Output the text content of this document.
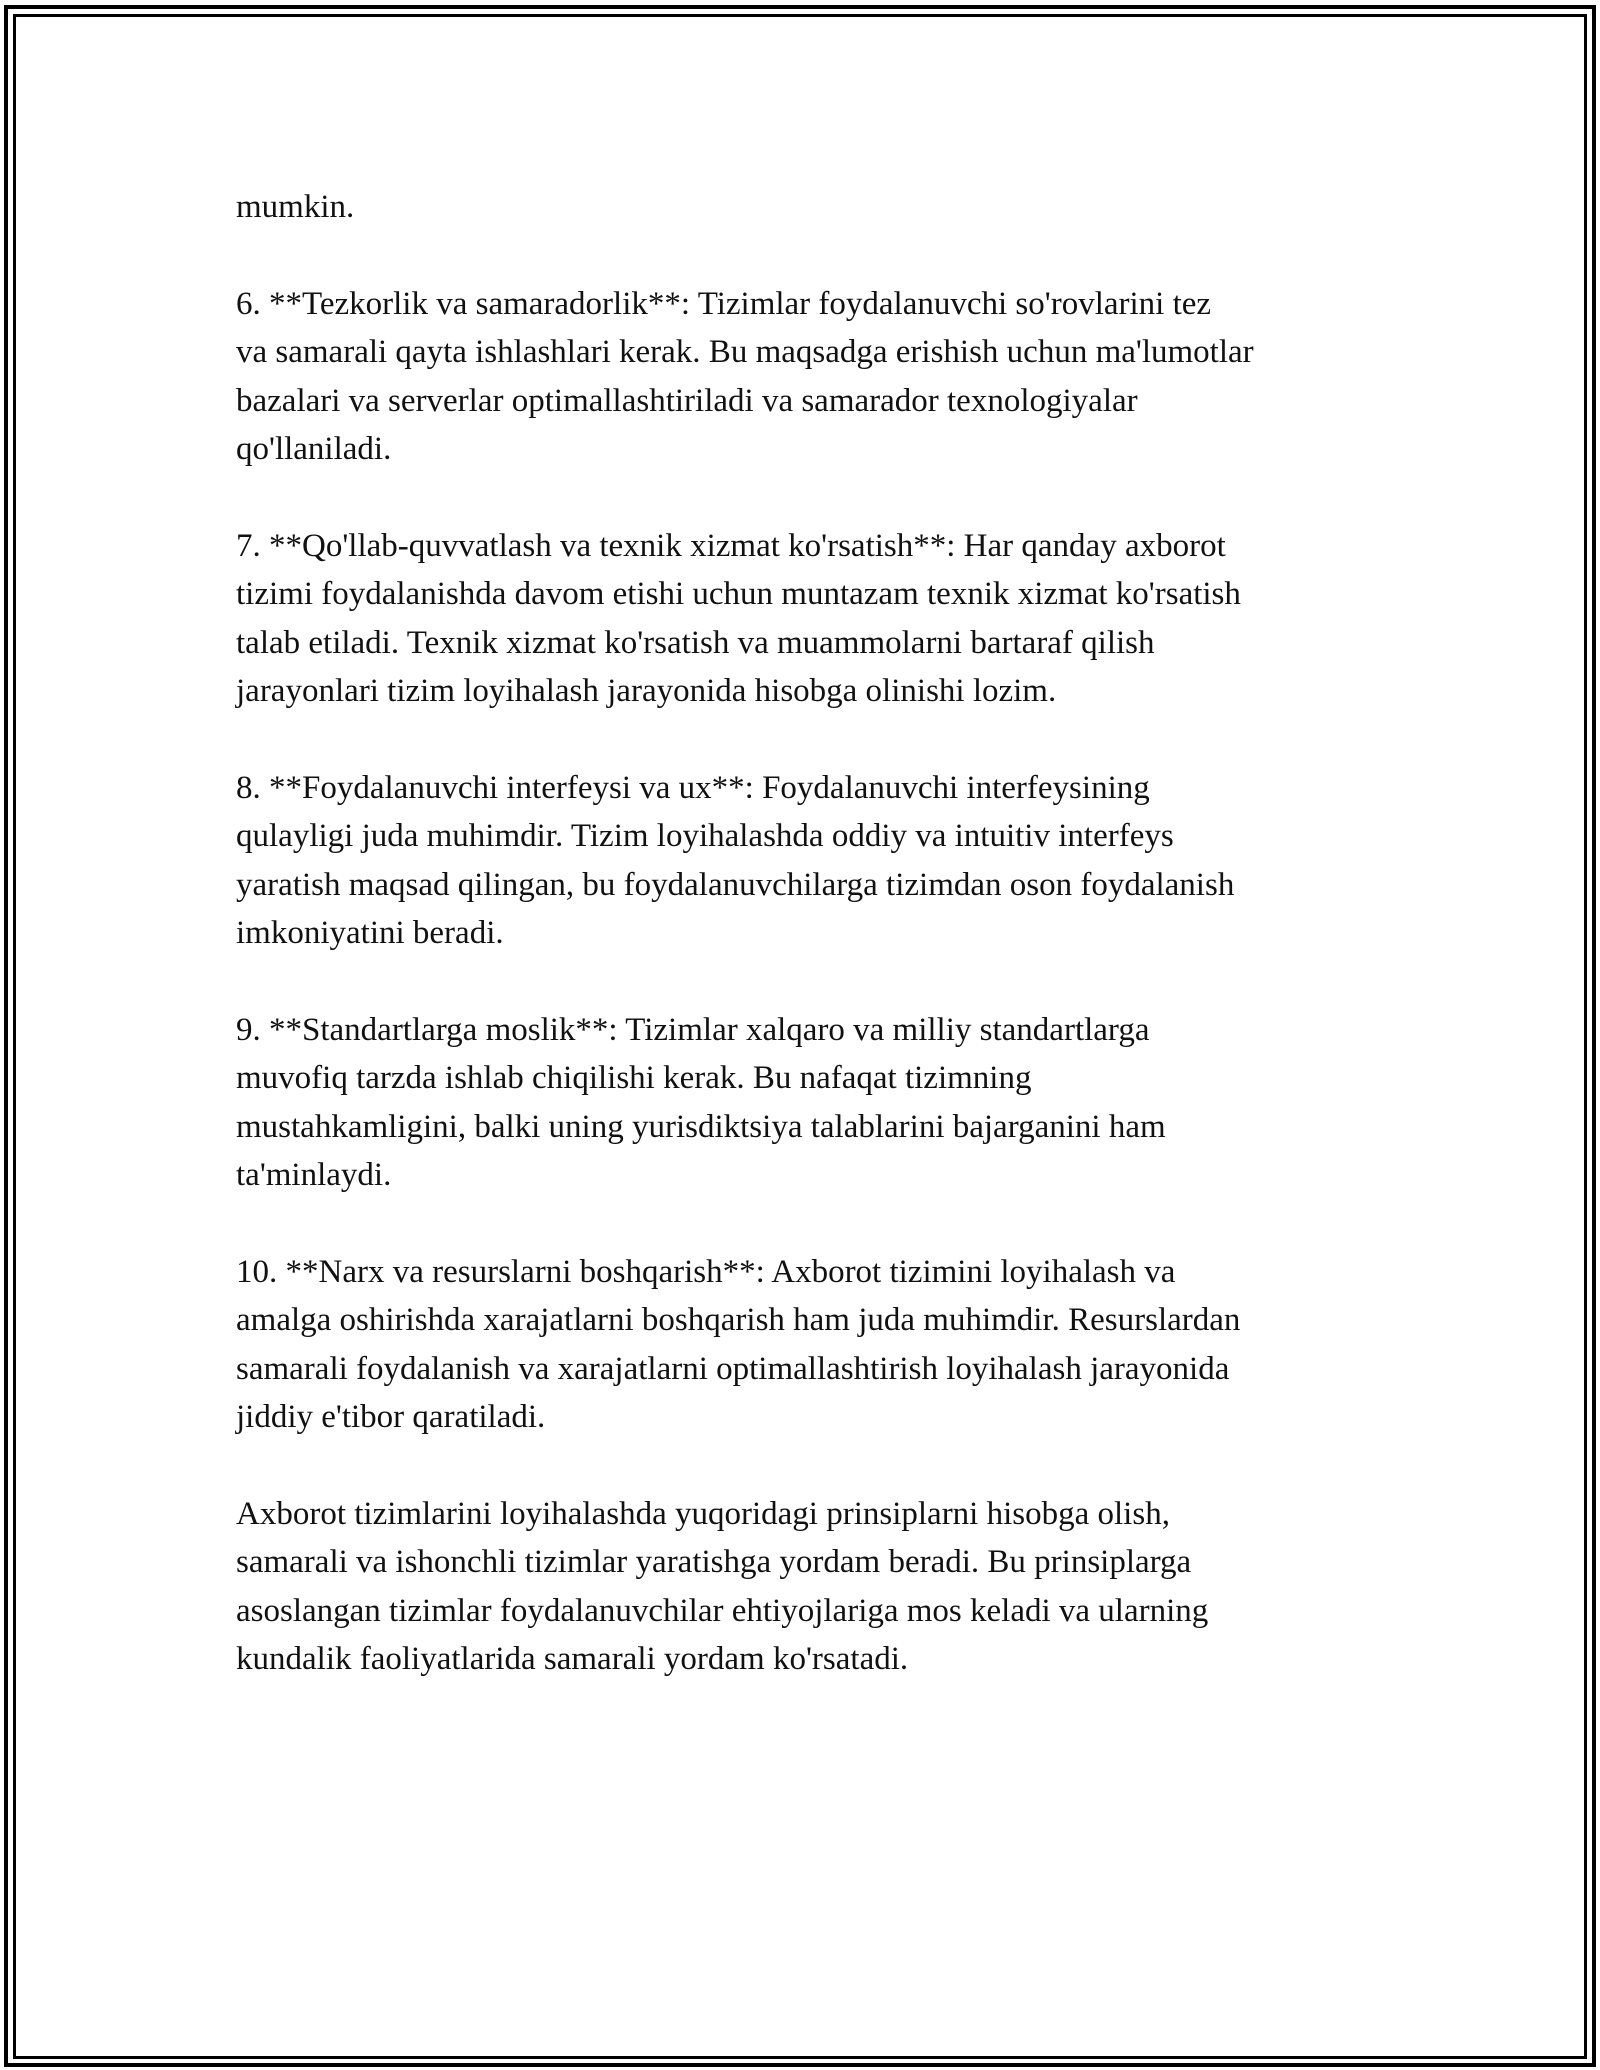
mumkin.

6. **Tezkorlik va samaradorlik**: Tizimlar foydalanuvchi so'rovlarini tez
va samarali qayta ishlashlari kerak. Bu maqsadga erishish uchun ma'lumotlar
bazalari va serverlar optimallashtiriladi va samarador texnologiyalar
qo'llaniladi.

7. **Qo'llab-quvvatlash va texnik xizmat ko'rsatish**: Har qanday axborot
tizimi foydalanishda davom etishi uchun muntazam texnik xizmat ko'rsatish
talab etiladi. Texnik xizmat ko'rsatish va muammolarni bartaraf qilish
jarayonlari tizim loyihalash jarayonida hisobga olinishi lozim.

8. **Foydalanuvchi interfeysi va ux**: Foydalanuvchi interfeysining
qulayligi juda muhimdir. Tizim loyihalashda oddiy va intuitiv interfeys
yaratish maqsad qilingan, bu foydalanuvchilarga tizimdan oson foydalanish
imkoniyatini beradi.

9. **Standartlarga moslik**: Tizimlar xalqaro va milliy standartlarga
muvofiq tarzda ishlab chiqilishi kerak. Bu nafaqat tizimning
mustahkamligini, balki uning yurisdiktsiya talablarini bajarganini ham
ta'minlaydi.

10. **Narx va resurslarni boshqarish**: Axborot tizimini loyihalash va
amalga oshirishda xarajatlarni boshqarish ham juda muhimdir. Resurslardan
samarali foydalanish va xarajatlarni optimallashtirish loyihalash jarayonida
jiddiy e'tibor qaratiladi.

Axborot tizimlarini loyihalashda yuqoridagi prinsiplarni hisobga olish,
samarali va ishonchli tizimlar yaratishga yordam beradi. Bu prinsiplarga
asoslangan tizimlar foydalanuvchilar ehtiyojlariga mos keladi va ularning
kundalik faoliyatlarida samarali yordam ko'rsatadi.
